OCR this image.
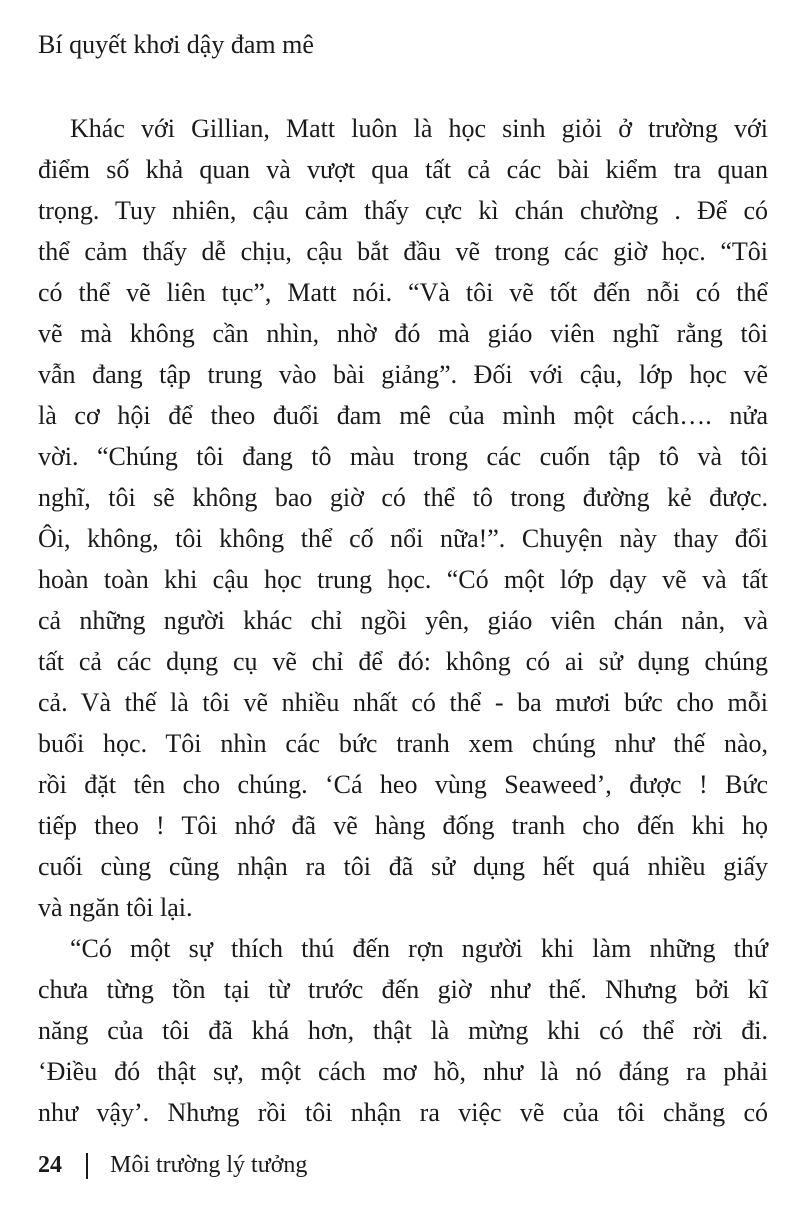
Bí quyết khơi dậy đam mê
Khác với Gillian, Matt luôn là học sinh giỏi ở trường với
điểm số khả quan và vượt qua tất cả các bài kiểm tra quan
trọng. Tuy nhiên, cậu cảm thấy cực kì chán chường . Để có
thể cảm thấy dễ chịu, cậu bắt đầu vẽ trong các giờ học. “Tôi
có thể vẽ liên tục”, Matt nói. “Và tôi vẽ tốt đến nỗi có thể
vẽ mà không cần nhìn, nhờ đó mà giáo viên nghĩ rằng tôi
vẫn đang tập trung vào bài giảng”. Đối với cậu, lớp học vẽ
là cơ hội để theo đuổi đam mê của mình một cách…. nửa
vời. “Chúng tôi đang tô màu trong các cuốn tập tô và tôi
nghĩ, tôi sẽ không bao giờ có thể tô trong đường kẻ được.
Ôi, không, tôi không thể cố nổi nữa!”. Chuyện này thay đổi
hoàn toàn khi cậu học trung học. “Có một lớp dạy vẽ và tất
cả những người khác chỉ ngồi yên, giáo viên chán nản, và
tất cả các dụng cụ vẽ chỉ để đó: không có ai sử dụng chúng
cả. Và thế là tôi vẽ nhiều nhất có thể - ba mươi bức cho mỗi
buổi học. Tôi nhìn các bức tranh xem chúng như thế nào,
rồi đặt tên cho chúng. ‘Cá heo vùng Seaweed’, được ! Bức
tiếp theo ! Tôi nhớ đã vẽ hàng đống tranh cho đến khi họ
cuối cùng cũng nhận ra tôi đã sử dụng hết quá nhiều giấy
và ngăn tôi lại.
“Có một sự thích thú đến rợn người khi làm những thứ
chưa từng tồn tại từ trước đến giờ như thế. Nhưng bởi kĩ
năng của tôi đã khá hơn, thật là mừng khi có thể rời đi.
‘Điều đó thật sự, một cách mơ hồ, như là nó đáng ra phải
như vậy’. Nhưng rồi tôi nhận ra việc vẽ của tôi chẳng có
24 Môi trường lý tưởng
